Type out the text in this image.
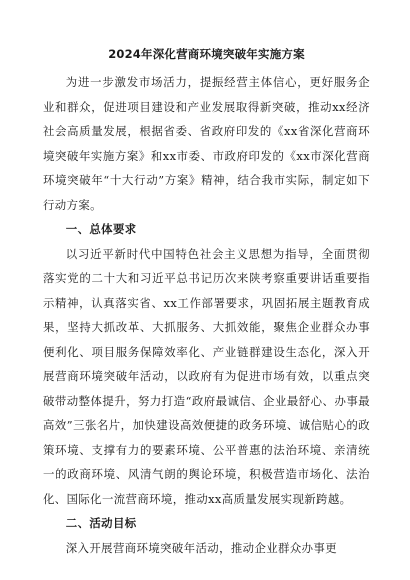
2024年深化营商环境突破年实施方案

为进一步激发市场活力，提振经营主体信心，更好服务企业和群众，促进项目建设和产业发展取得新突破，推动xx经济社会高质量发展，根据省委、省政府印发的《xx省深化营商环境突破年实施方案》和xx市委、市政府印发的《xx市深化营商环境突破年“十大行动”方案》精神，结合我市实际，制定如下行动方案。

一、总体要求

以习近平新时代中国特色社会主义思想为指导，全面贯彻落实党的二十大和习近平总书记历次来陕考察重要讲话重要指示精神，认真落实省、xx工作部署要求，巩固拓展主题教育成果，坚持大抓改革、大抓服务、大抓效能，聚焦企业群众办事便利化、项目服务保障效率化、产业链群建设生态化，深入开展营商环境突破年活动，以政府有为促进市场有效，以重点突破带动整体提升，努力打造“政府最诚信、企业最舒心、办事最高效”三张名片，加快建设高效便捷的政务环境、诚信贴心的政策环境、支撑有力的要素环境、公平普惠的法治环境、亲清统一的政商环境、风清气朗的舆论环境，积极营造市场化、法治化、国际化一流营商环境，推动xx高质量发展实现新跨越。

二、活动目标

深入开展营商环境突破年活动，推动企业群众办事更
